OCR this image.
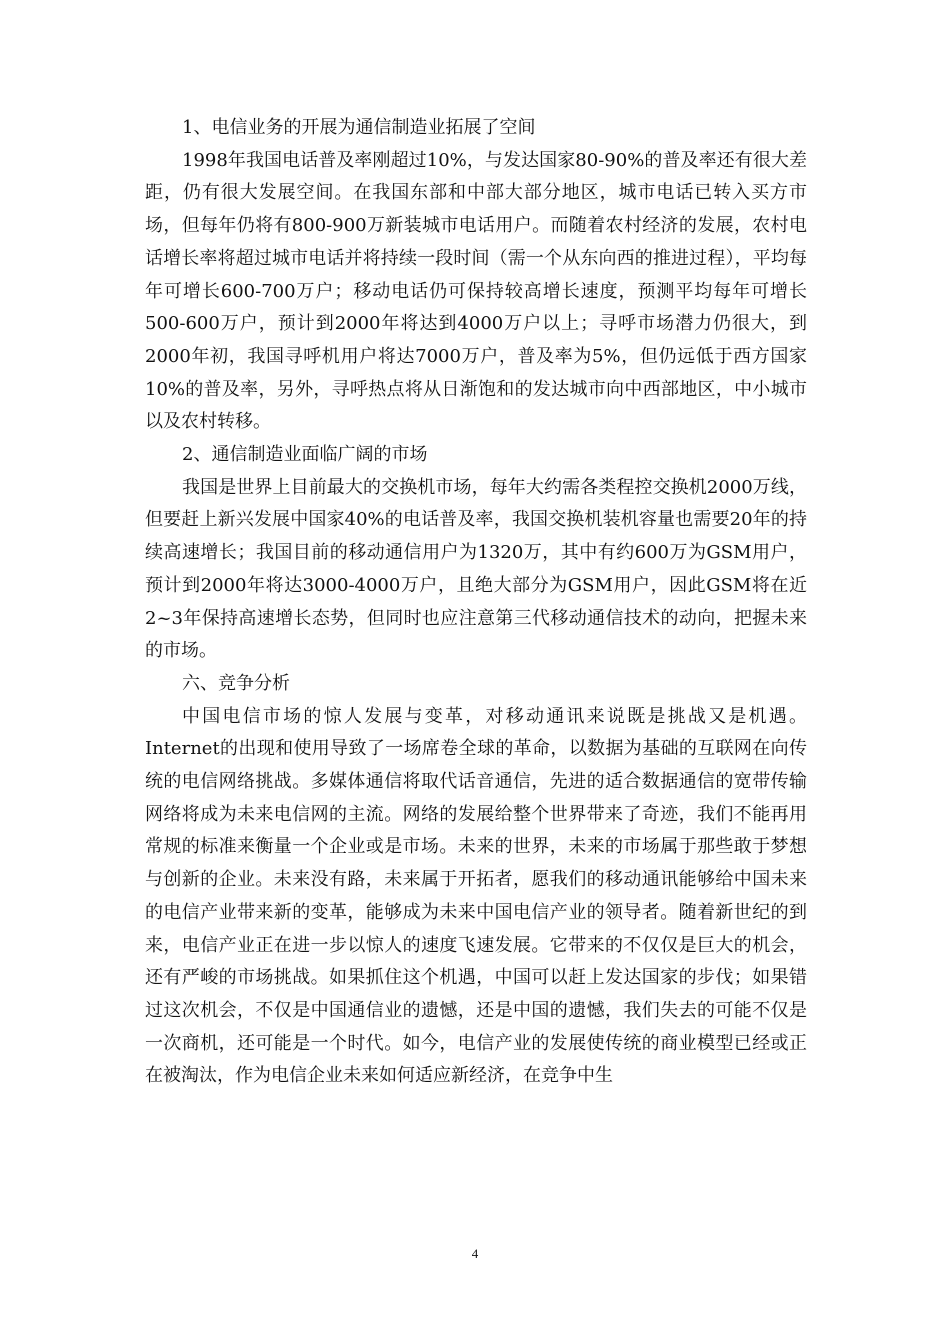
1、电信业务的开展为通信制造业拓展了空间

1998年我国电话普及率刚超过10%，与发达国家80-90%的普及率还有很大差距，仍有很大发展空间。在我国东部和中部大部分地区，城市电话已转入买方市场，但每年仍将有800-900万新装城市电话用户。而随着农村经济的发展，农村电话增长率将超过城市电话并将持续一段时间（需一个从东向西的推进过程），平均每年可增长600-700万户；移动电话仍可保持较高增长速度，预测平均每年可增长500-600万户，预计到2000年将达到4000万户以上；寻呼市场潜力仍很大，到2000年初，我国寻呼机用户将达7000万户，普及率为5%，但仍远低于西方国家10%的普及率，另外，寻呼热点将从日渐饱和的发达城市向中西部地区，中小城市以及农村转移。

2、通信制造业面临广阔的市场

我国是世界上目前最大的交换机市场，每年大约需各类程控交换机2000万线，但要赶上新兴发展中国家40%的电话普及率，我国交换机装机容量也需要20年的持续高速增长；我国目前的移动通信用户为1320万，其中有约600万为GSM用户，预计到2000年将达3000-4000万户，且绝大部分为GSM用户，因此GSM将在近2~3年保持高速增长态势，但同时也应注意第三代移动通信技术的动向，把握未来的市场。

六、竞争分析

中国电信市场的惊人发展与变革，对移动通讯来说既是挑战又是机遇。Internet的出现和使用导致了一场席卷全球的革命，以数据为基础的互联网在向传统的电信网络挑战。多媒体通信将取代话音通信，先进的适合数据通信的宽带传输网络将成为未来电信网的主流。网络的发展给整个世界带来了奇迹，我们不能再用常规的标准来衡量一个企业或是市场。未来的世界，未来的市场属于那些敢于梦想与创新的企业。未来没有路，未来属于开拓者，愿我们的移动通讯能够给中国未来的电信产业带来新的变革，能够成为未来中国电信产业的领导者。随着新世纪的到来，电信产业正在进一步以惊人的速度飞速发展。它带来的不仅仅是巨大的机会，还有严峻的市场挑战。如果抓住这个机遇，中国可以赶上发达国家的步伐；如果错过这次机会，不仅是中国通信业的遗憾，还是中国的遗憾，我们失去的可能不仅是一次商机，还可能是一个时代。如今，电信产业的发展使传统的商业模型已经或正在被淘汰，作为电信企业未来如何适应新经济，在竞争中生

4
